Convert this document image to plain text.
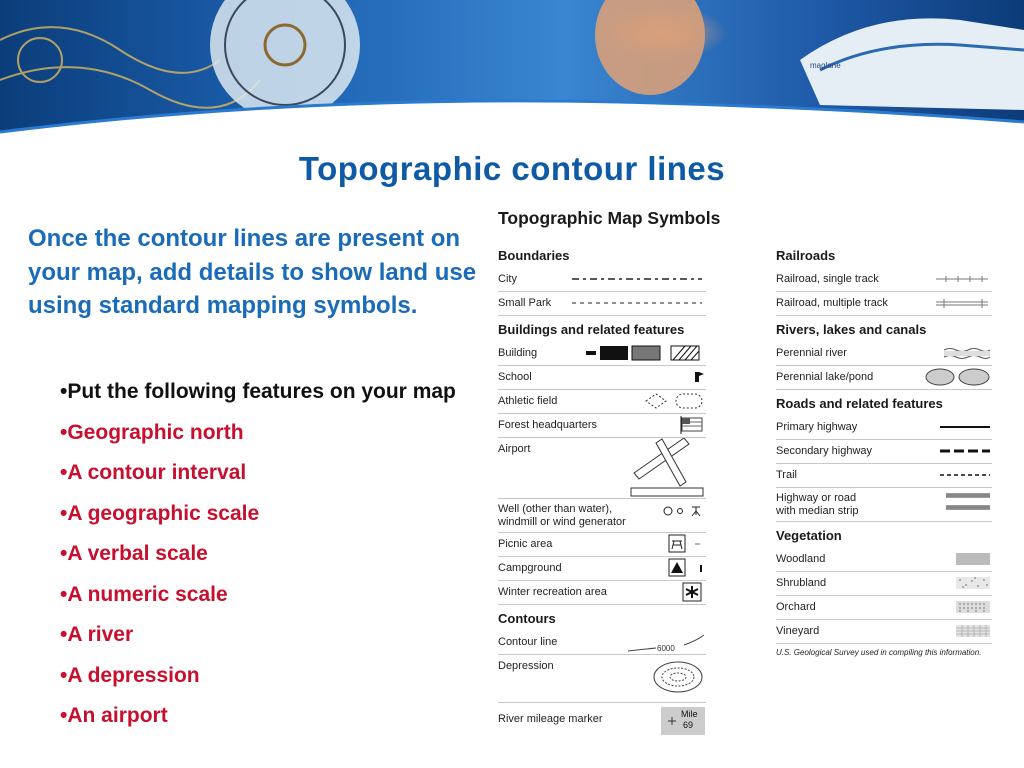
maglane
Topographic contour lines
Once the contour lines are present on your map, add details to show land use using standard mapping symbols.
•Put the following features on your map
•Geographic north
•A contour interval
•A geographic scale
•A verbal scale
•A numeric scale
•A river
•A depression
•An airport
Topographic Map Symbols
Boundaries
City
Small Park
Buildings and related features
Building
School
Athletic field
Forest headquarters
Airport
Well (other than water),
windmill or wind generator
Picnic area
Campground
Winter recreation area
Contours
Contour line
6000
Depression
River mileage marker	Mile
69
Railroads
Railroad, single track
Railroad, multiple track
Rivers, lakes and canals
Perennial river
Perennial lake/pond
Roads and related features
Primary highway
Secondary highway
Trail
Highway or road
with median strip
Vegetation
Woodland
Shrubland
Orchard
Vineyard
U.S. Geological Survey used in compiling this information.
